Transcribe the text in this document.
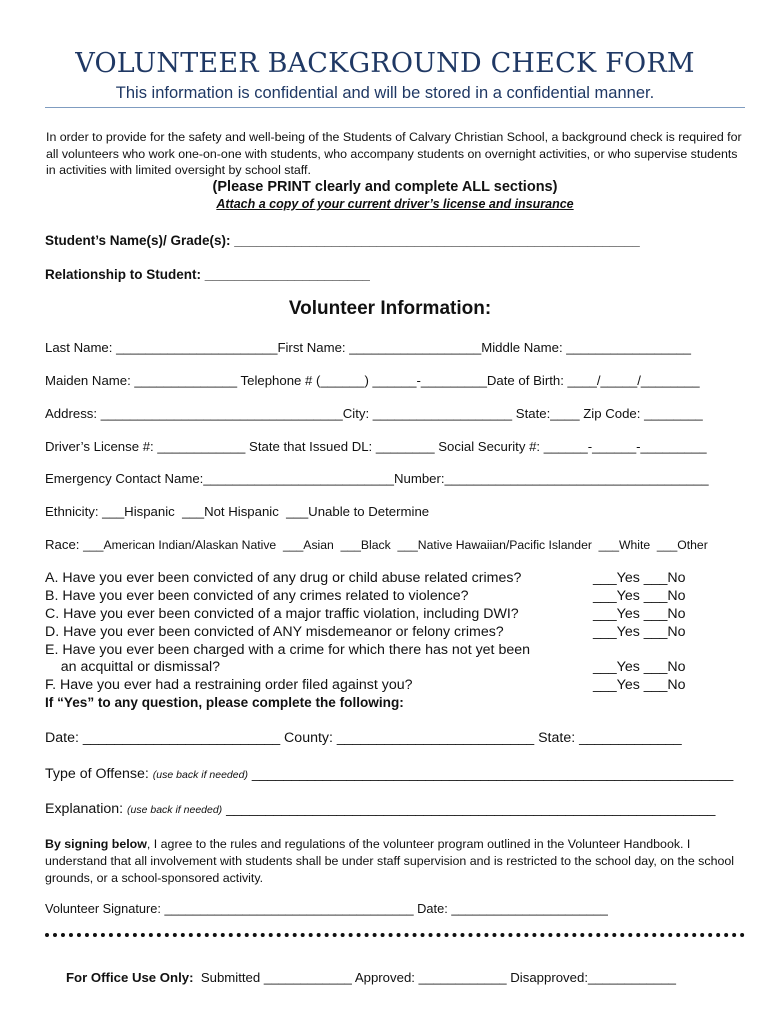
VOLUNTEER BACKGROUND CHECK FORM
This information is confidential and will be stored in a confidential manner.
In order to provide for the safety and well-being of the Students of Calvary Christian School, a background check is required for all volunteers who work one-on-one with students, who accompany students on overnight activities, or who supervise students in activities with limited oversight by school staff.
(Please PRINT clearly and complete ALL sections)
Attach a copy of your current driver’s license and insurance
Student’s Name(s)/ Grade(s): ______________________________________________________
Relationship to Student: ______________________
Volunteer Information:
Last Name: ______________________First Name: __________________Middle Name: _________________
Maiden Name: ______________ Telephone # (______) ______-_________Date of Birth: ____/_____/________
Address: _________________________________City: ___________________ State:____ Zip Code: ________
Driver’s License #: ____________ State that Issued DL: ________ Social Security #: ______-______-_________
Emergency Contact Name:__________________________Number:____________________________________
Ethnicity: ___Hispanic  ___Not Hispanic  ___Unable to Determine
Race: ___American Indian/Alaskan Native  ___Asian  ___Black  ___Native Hawaiian/Pacific Islander  ___White  ___Other
A. Have you ever been convicted of any drug or child abuse related crimes?	___Yes ___No
B. Have you ever been convicted of any crimes related to violence?	___Yes ___No
C. Have you ever been convicted of a major traffic violation, including DWI?	___Yes ___No
D. Have you ever been convicted of ANY misdemeanor or felony crimes?	___Yes ___No
E. Have you ever been charged with a crime for which there has not yet been
an acquittal or dismissal?	___Yes ___No
F. Have you ever had a restraining order filed against you?	___Yes ___No
If “Yes” to any question, please complete the following:
Date: _________________________ County: _________________________ State: _____________
Type of Offense: (use back if needed) _____________________________________________________________
Explanation: (use back if needed) ______________________________________________________________
By signing below, I agree to the rules and regulations of the volunteer program outlined in the Volunteer Handbook. I understand that all involvement with students shall be under staff supervision and is restricted to the school day, on the school grounds, or a school-sponsored activity.
Volunteer Signature: ___________________________________ Date: ______________________
For Office Use Only:  Submitted ____________ Approved: ____________ Disapproved:____________
